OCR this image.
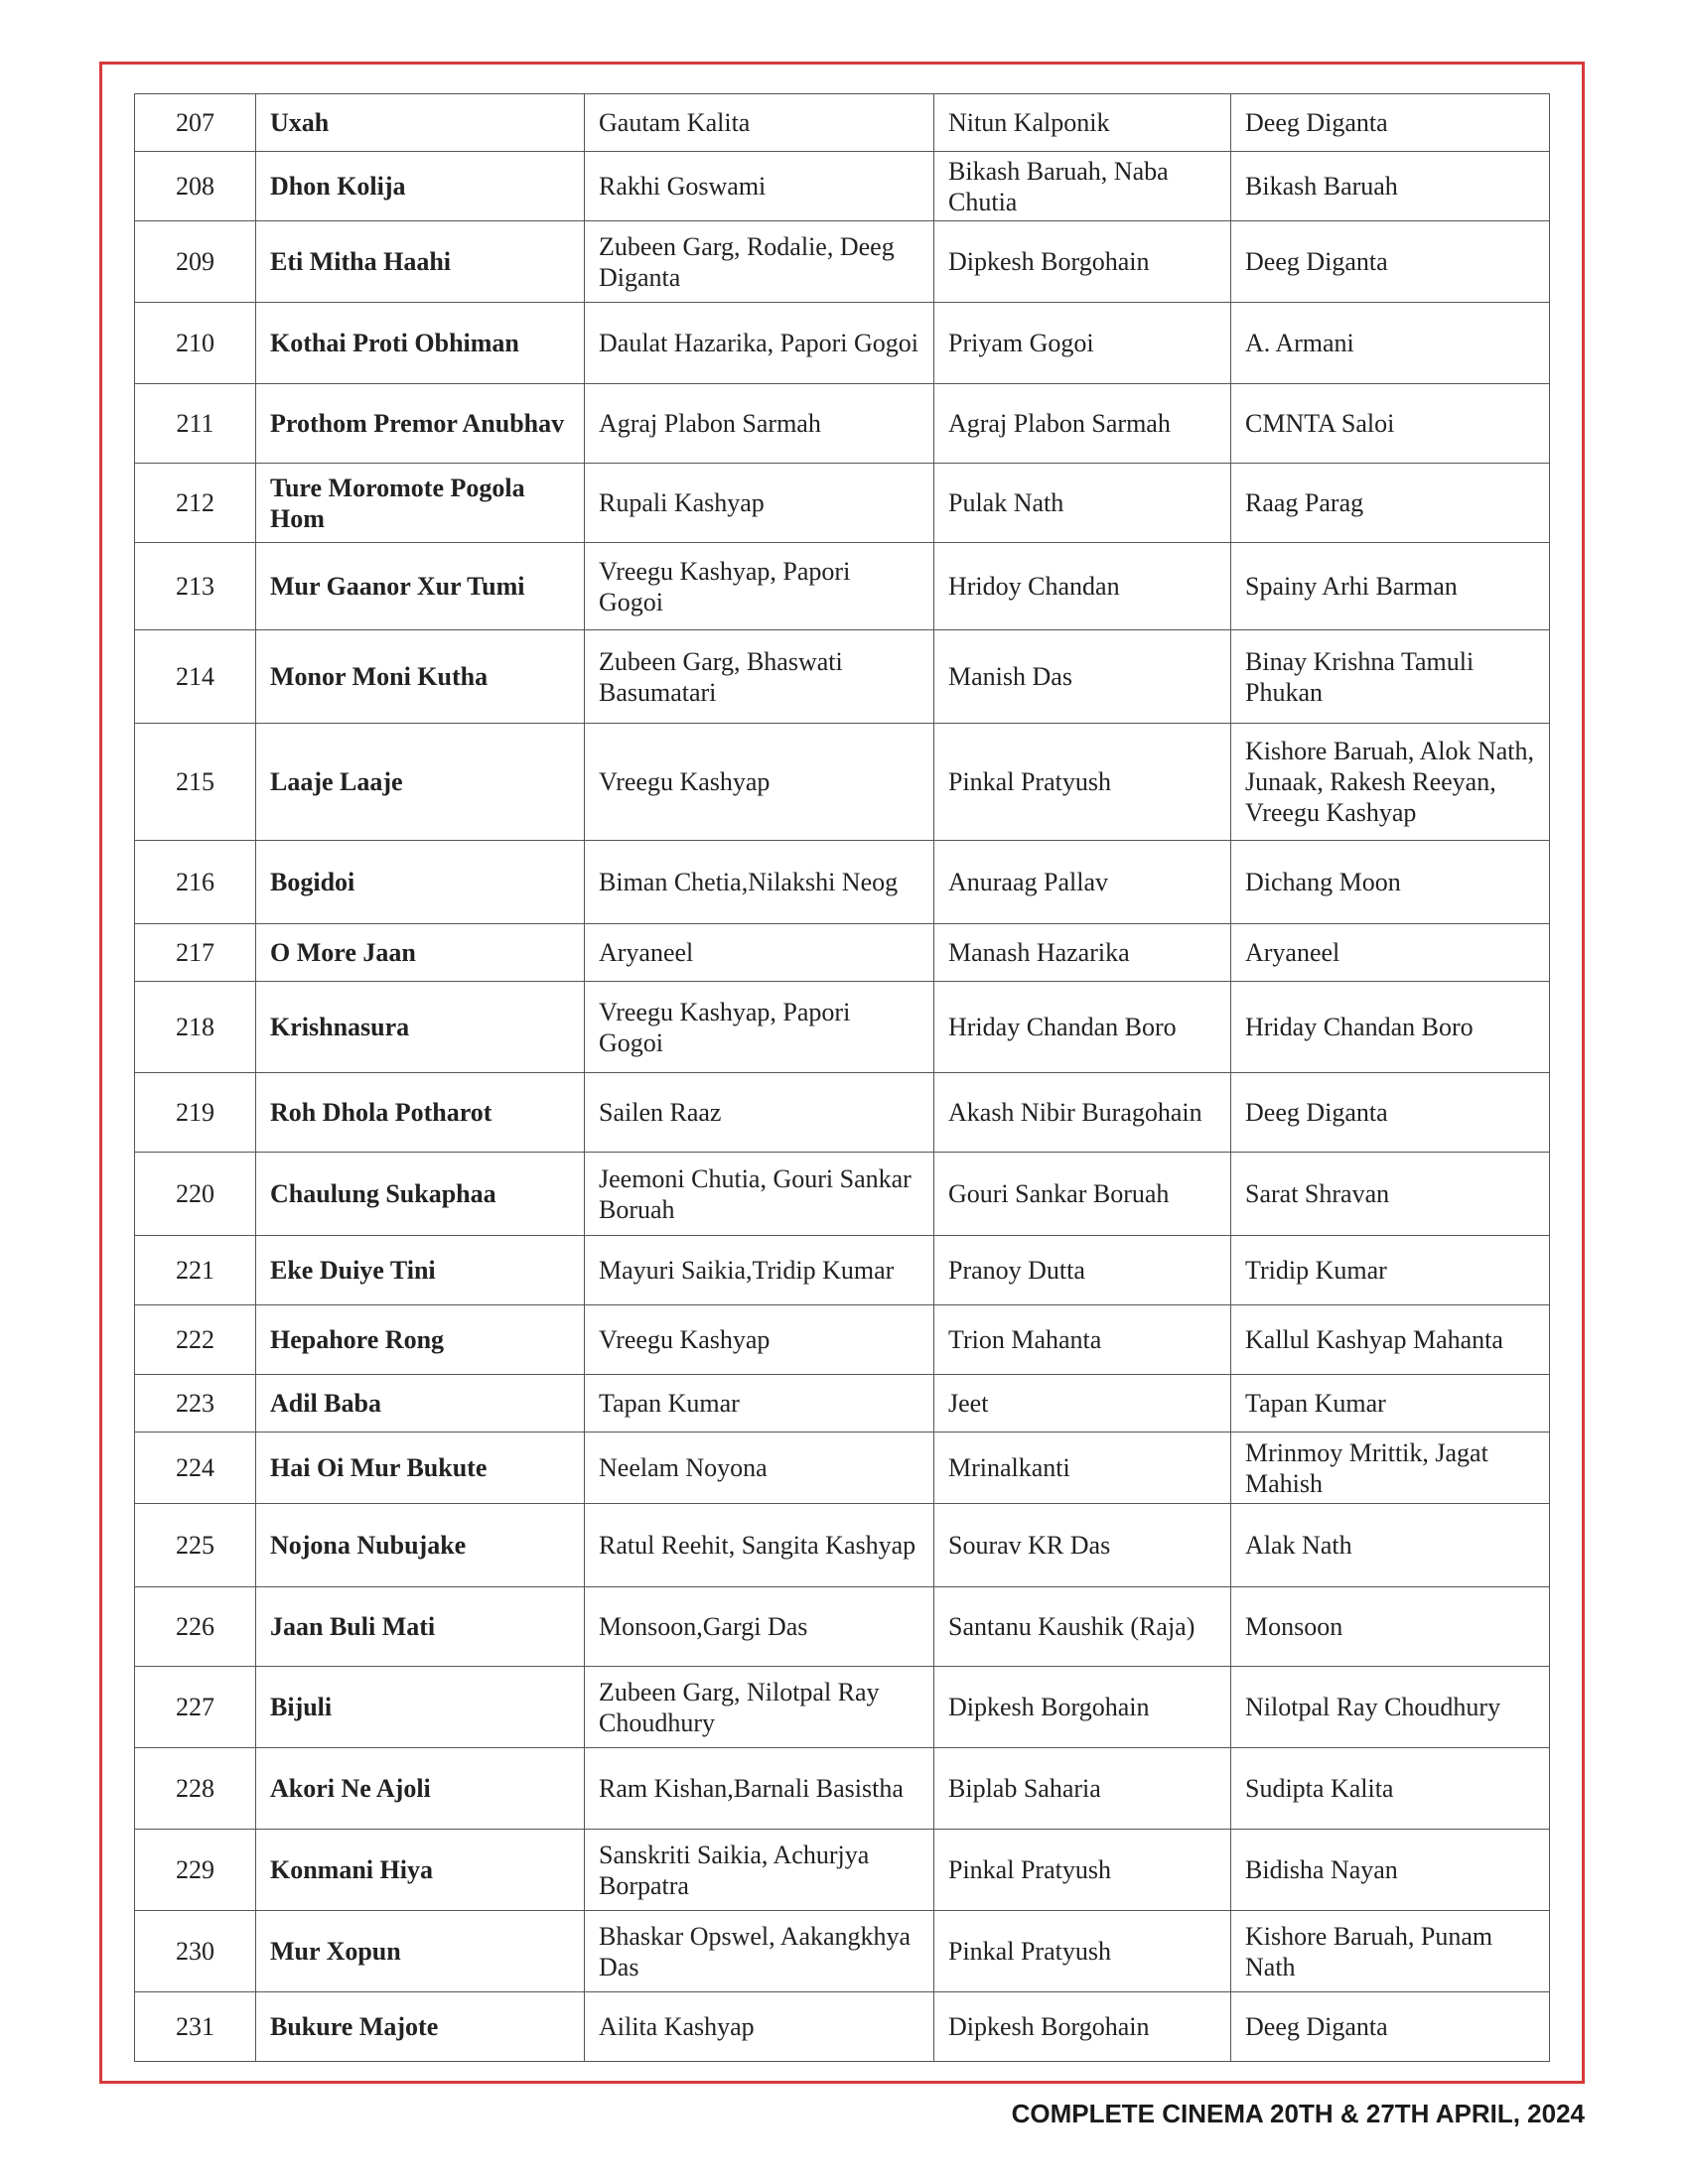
207	Uxah	Gautam Kalita	Nitun Kalponik	Deeg Diganta
208	Dhon Kolija	Rakhi Goswami	Bikash Baruah, Naba Chutia	Bikash Baruah
209	Eti Mitha Haahi	Zubeen Garg, Rodalie, Deeg Diganta	Dipkesh Borgohain	Deeg Diganta
210	Kothai Proti Obhiman	Daulat Hazarika, Papori Gogoi	Priyam Gogoi	A. Armani
211	Prothom Premor Anubhav	Agraj Plabon Sarmah	Agraj Plabon Sarmah	CMNTA Saloi
212	Ture Moromote Pogola Hom	Rupali Kashyap	Pulak Nath	Raag Parag
213	Mur Gaanor Xur Tumi	Vreegu Kashyap, Papori Gogoi	Hridoy Chandan	Spainy Arhi Barman
214	Monor Moni Kutha	Zubeen Garg, Bhaswati Basumatari	Manish Das	Binay Krishna Tamuli Phukan
215	Laaje Laaje	Vreegu Kashyap	Pinkal Pratyush	Kishore Baruah, Alok Nath, Junaak, Rakesh Reeyan, Vreegu Kashyap
216	Bogidoi	Biman Chetia,Nilakshi Neog	Anuraag Pallav	Dichang Moon
217	O More Jaan	Aryaneel	Manash Hazarika	Aryaneel
218	Krishnasura	Vreegu Kashyap, Papori Gogoi	Hriday Chandan Boro	Hriday Chandan Boro
219	Roh Dhola Potharot	Sailen Raaz	Akash Nibir Buragohain	Deeg Diganta
220	Chaulung Sukaphaa	Jeemoni Chutia, Gouri Sankar Boruah	Gouri Sankar Boruah	Sarat Shravan
221	Eke Duiye Tini	Mayuri Saikia,Tridip Kumar	Pranoy Dutta	Tridip Kumar
222	Hepahore Rong	Vreegu Kashyap	Trion Mahanta	Kallul Kashyap Mahanta
223	Adil Baba	Tapan Kumar	Jeet	Tapan Kumar
224	Hai Oi Mur Bukute	Neelam Noyona	Mrinalkanti	Mrinmoy Mrittik, Jagat Mahish
225	Nojona Nubujake	Ratul Reehit, Sangita Kashyap	Sourav KR Das	Alak Nath
226	Jaan Buli Mati	Monsoon,Gargi Das	Santanu Kaushik (Raja)	Monsoon
227	Bijuli	Zubeen Garg, Nilotpal Ray Choudhury	Dipkesh Borgohain	Nilotpal Ray Choudhury
228	Akori Ne Ajoli	Ram Kishan,Barnali Basistha	Biplab Saharia	Sudipta Kalita
229	Konmani Hiya	Sanskriti Saikia, Achurjya Borpatra	Pinkal Pratyush	Bidisha Nayan
230	Mur Xopun	Bhaskar Opswel, Aakangkhya Das	Pinkal Pratyush	Kishore Baruah, Punam Nath
231	Bukure Majote	Ailita Kashyap	Dipkesh Borgohain	Deeg Diganta
COMPLETE CINEMA 20TH & 27TH APRIL, 2024
